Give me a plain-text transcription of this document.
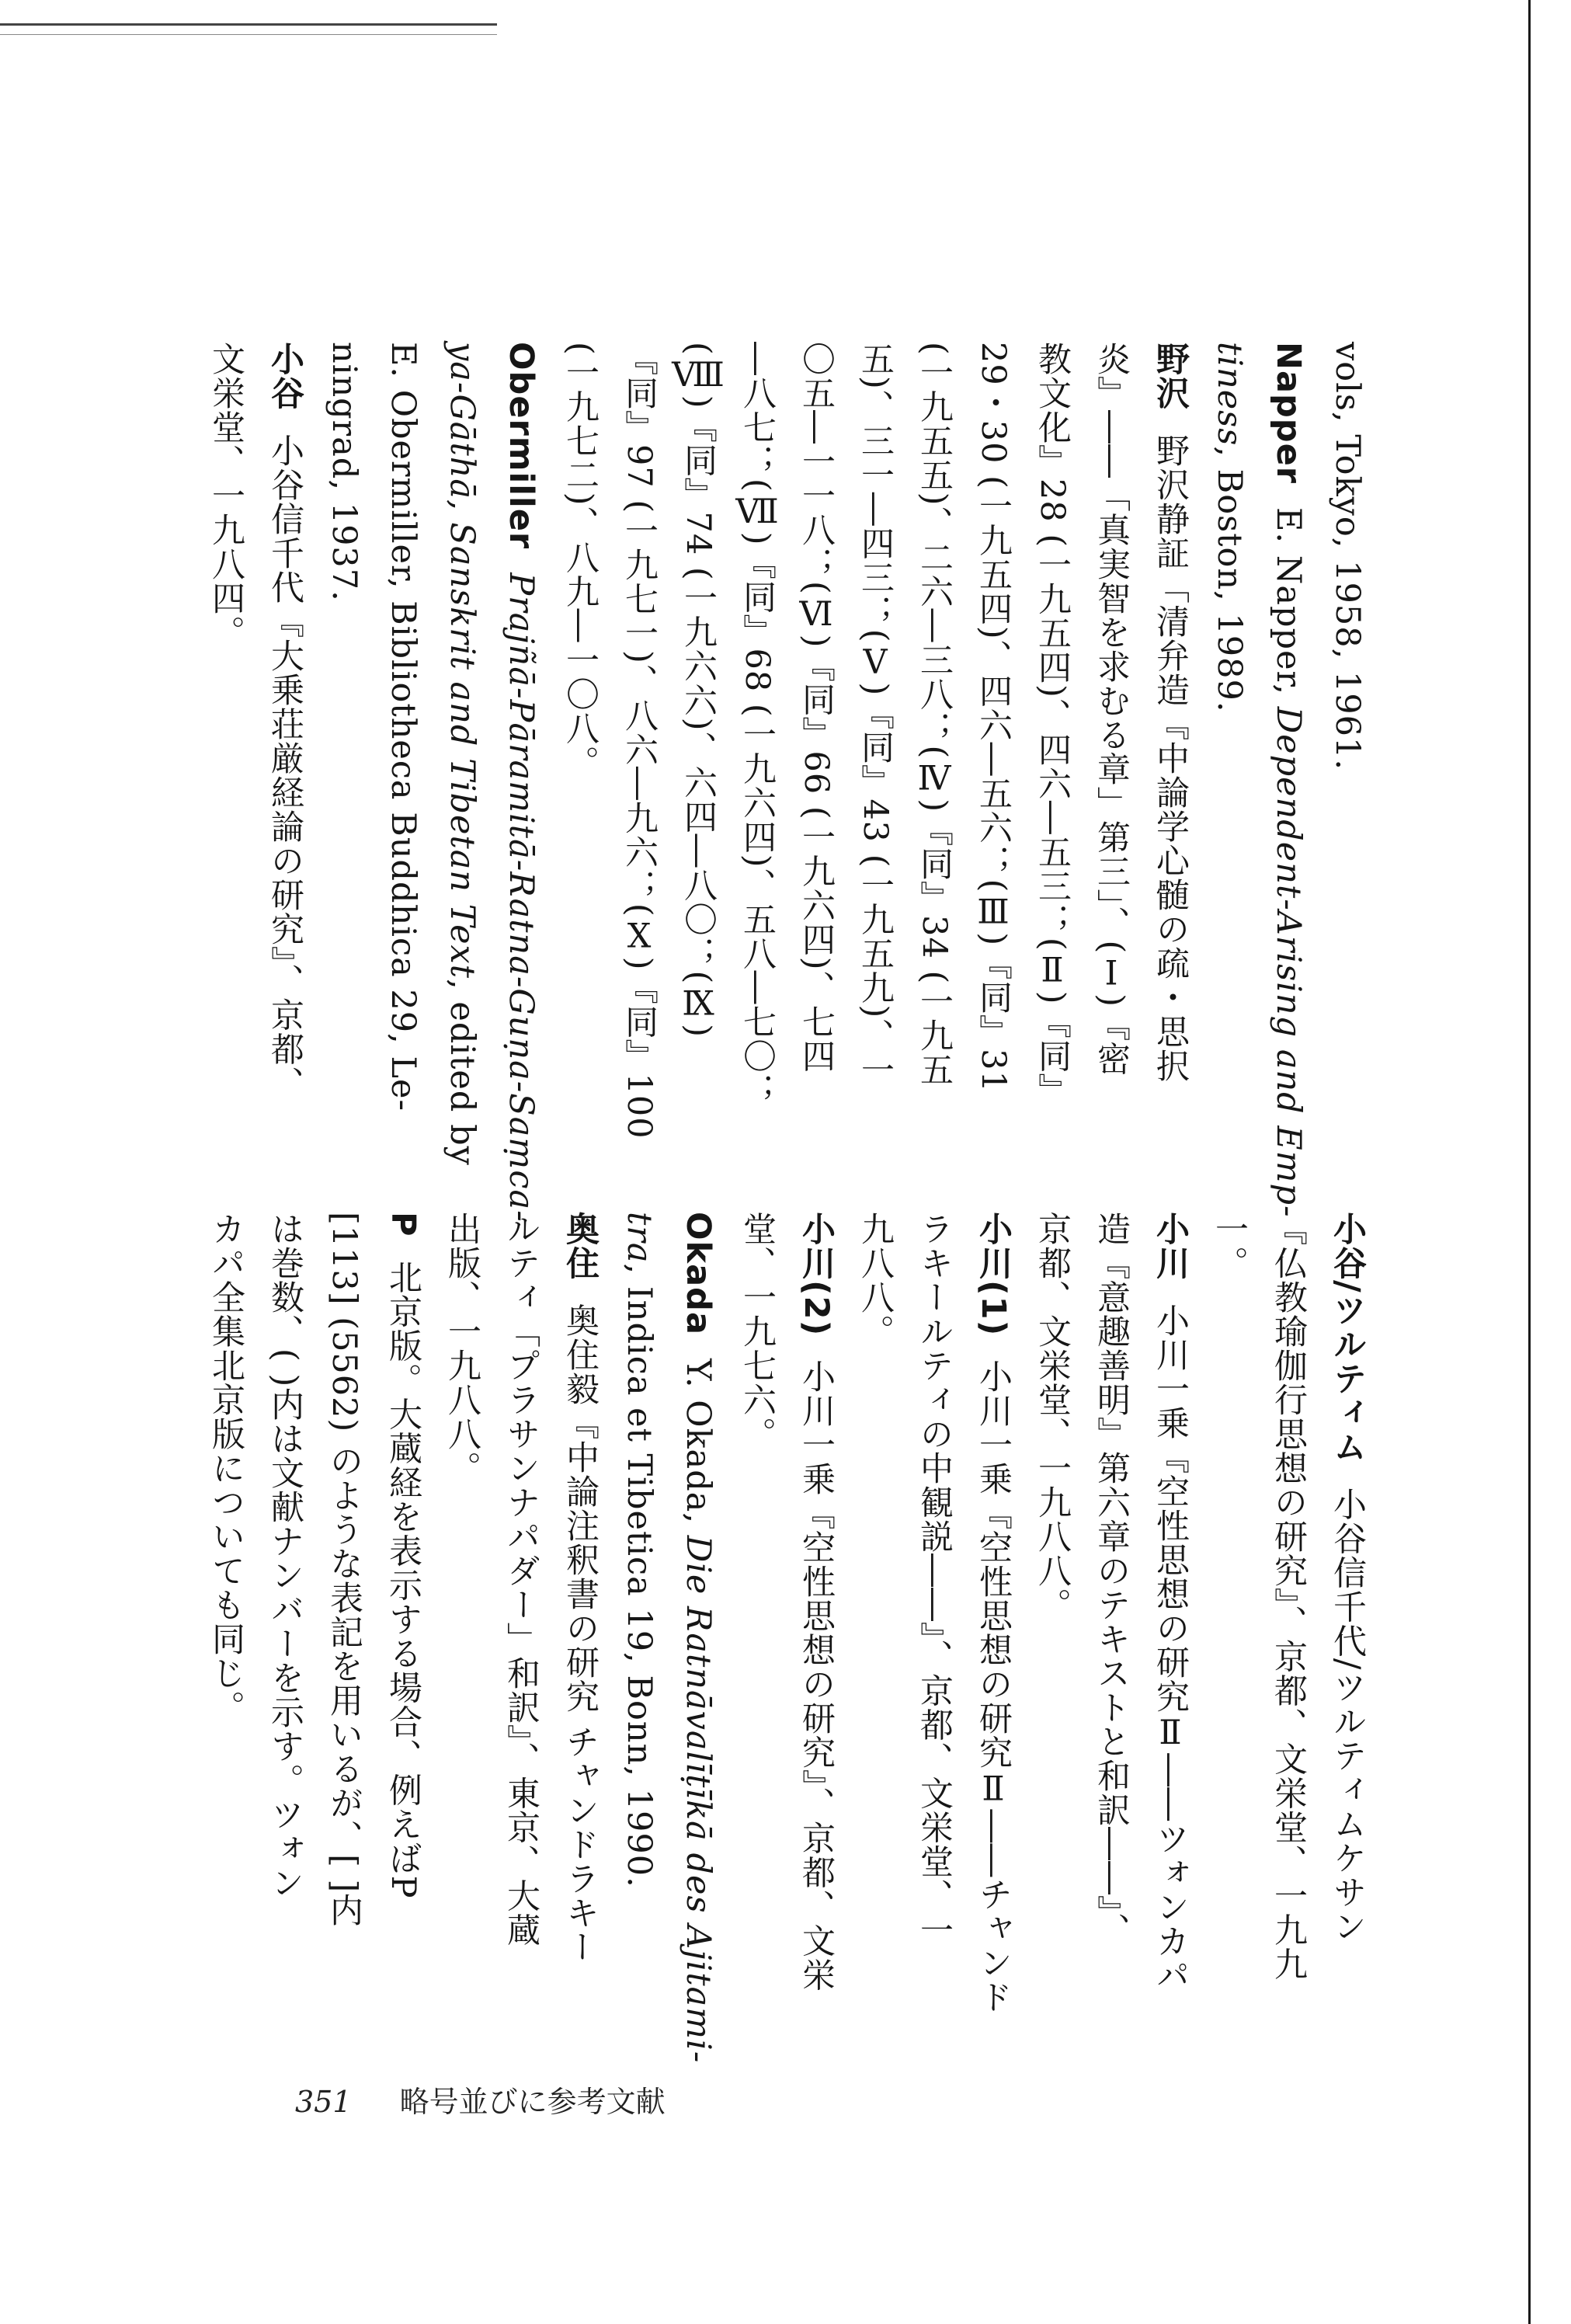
vols, Tokyo, 1958, 1961.
NapperE. Napper, Dependent-Arising and Emp-
tiness, Boston, 1989.
野沢野沢静証「清弁造『中論学心髄の疏・思択
炎』――「真実智を求むる章」第三」、(Ⅰ)『密
教文化』28 (一九五四)、四六―五三；(Ⅱ)『同』
29・30 (一九五四)、四六―五六；(Ⅲ)『同』31
(一九五五)、二六―三八；(Ⅳ)『同』34 (一九五
五)、三一―四三；(Ⅴ)『同』43 (一九五九)、一
〇五―一一八；(Ⅵ)『同』66 (一九六四)、七四
―八七；(Ⅶ)『同』68 (一九六四)、五八―七〇；
(Ⅷ)『同』74 (一九六六)、六四―八〇；(Ⅸ)
『同』97 (一九七一)、八六―九六；(Ⅹ)『同』100
(一九七二)、八九―一〇八。
ObermillerPrajñā-Pāramitā-Ratna-Guṇa-Saṃca-
ya-Gāthā, Sanskrit and Tibetan Text, edited by
E. Obermiller, Bibliotheca Buddhica 29, Le-
ningrad, 1937.
小谷小谷信千代『大乗荘厳経論の研究』、京都、
文栄堂、一九八四。
小谷/ツルティム小谷信千代/ツルティムケサン
『仏教瑜伽行思想の研究』、京都、文栄堂、一九九
一。
小川小川一乗『空性思想の研究Ⅱ――ツォンカパ
造『意趣善明』第六章のテキストと和訳――』、
京都、文栄堂、一九八八。
小川(1)小川一乗『空性思想の研究Ⅱ――チャンド
ラキールティの中観説――』、京都、文栄堂、一
九八八。
小川(2)小川一乗『空性思想の研究』、京都、文栄
堂、一九七六。
OkadaY. Okada, Die Ratnāvalīṭīkā des Ajitami-
tra, Indica et Tibetica 19, Bonn, 1990.
奥住奥住毅『中論注釈書の研究 チャンドラキー
ルティ「プラサンナパダー」和訳』、東京、大蔵
出版、一九八八。
P北京版。大蔵経を表示する場合、例えばP
[113] (5562) のような表記を用いるが、[ ]内
は巻数、( )内は文献ナンバーを示す。ツォン
カパ全集北京版についても同じ。
351 略号並びに参考文献
